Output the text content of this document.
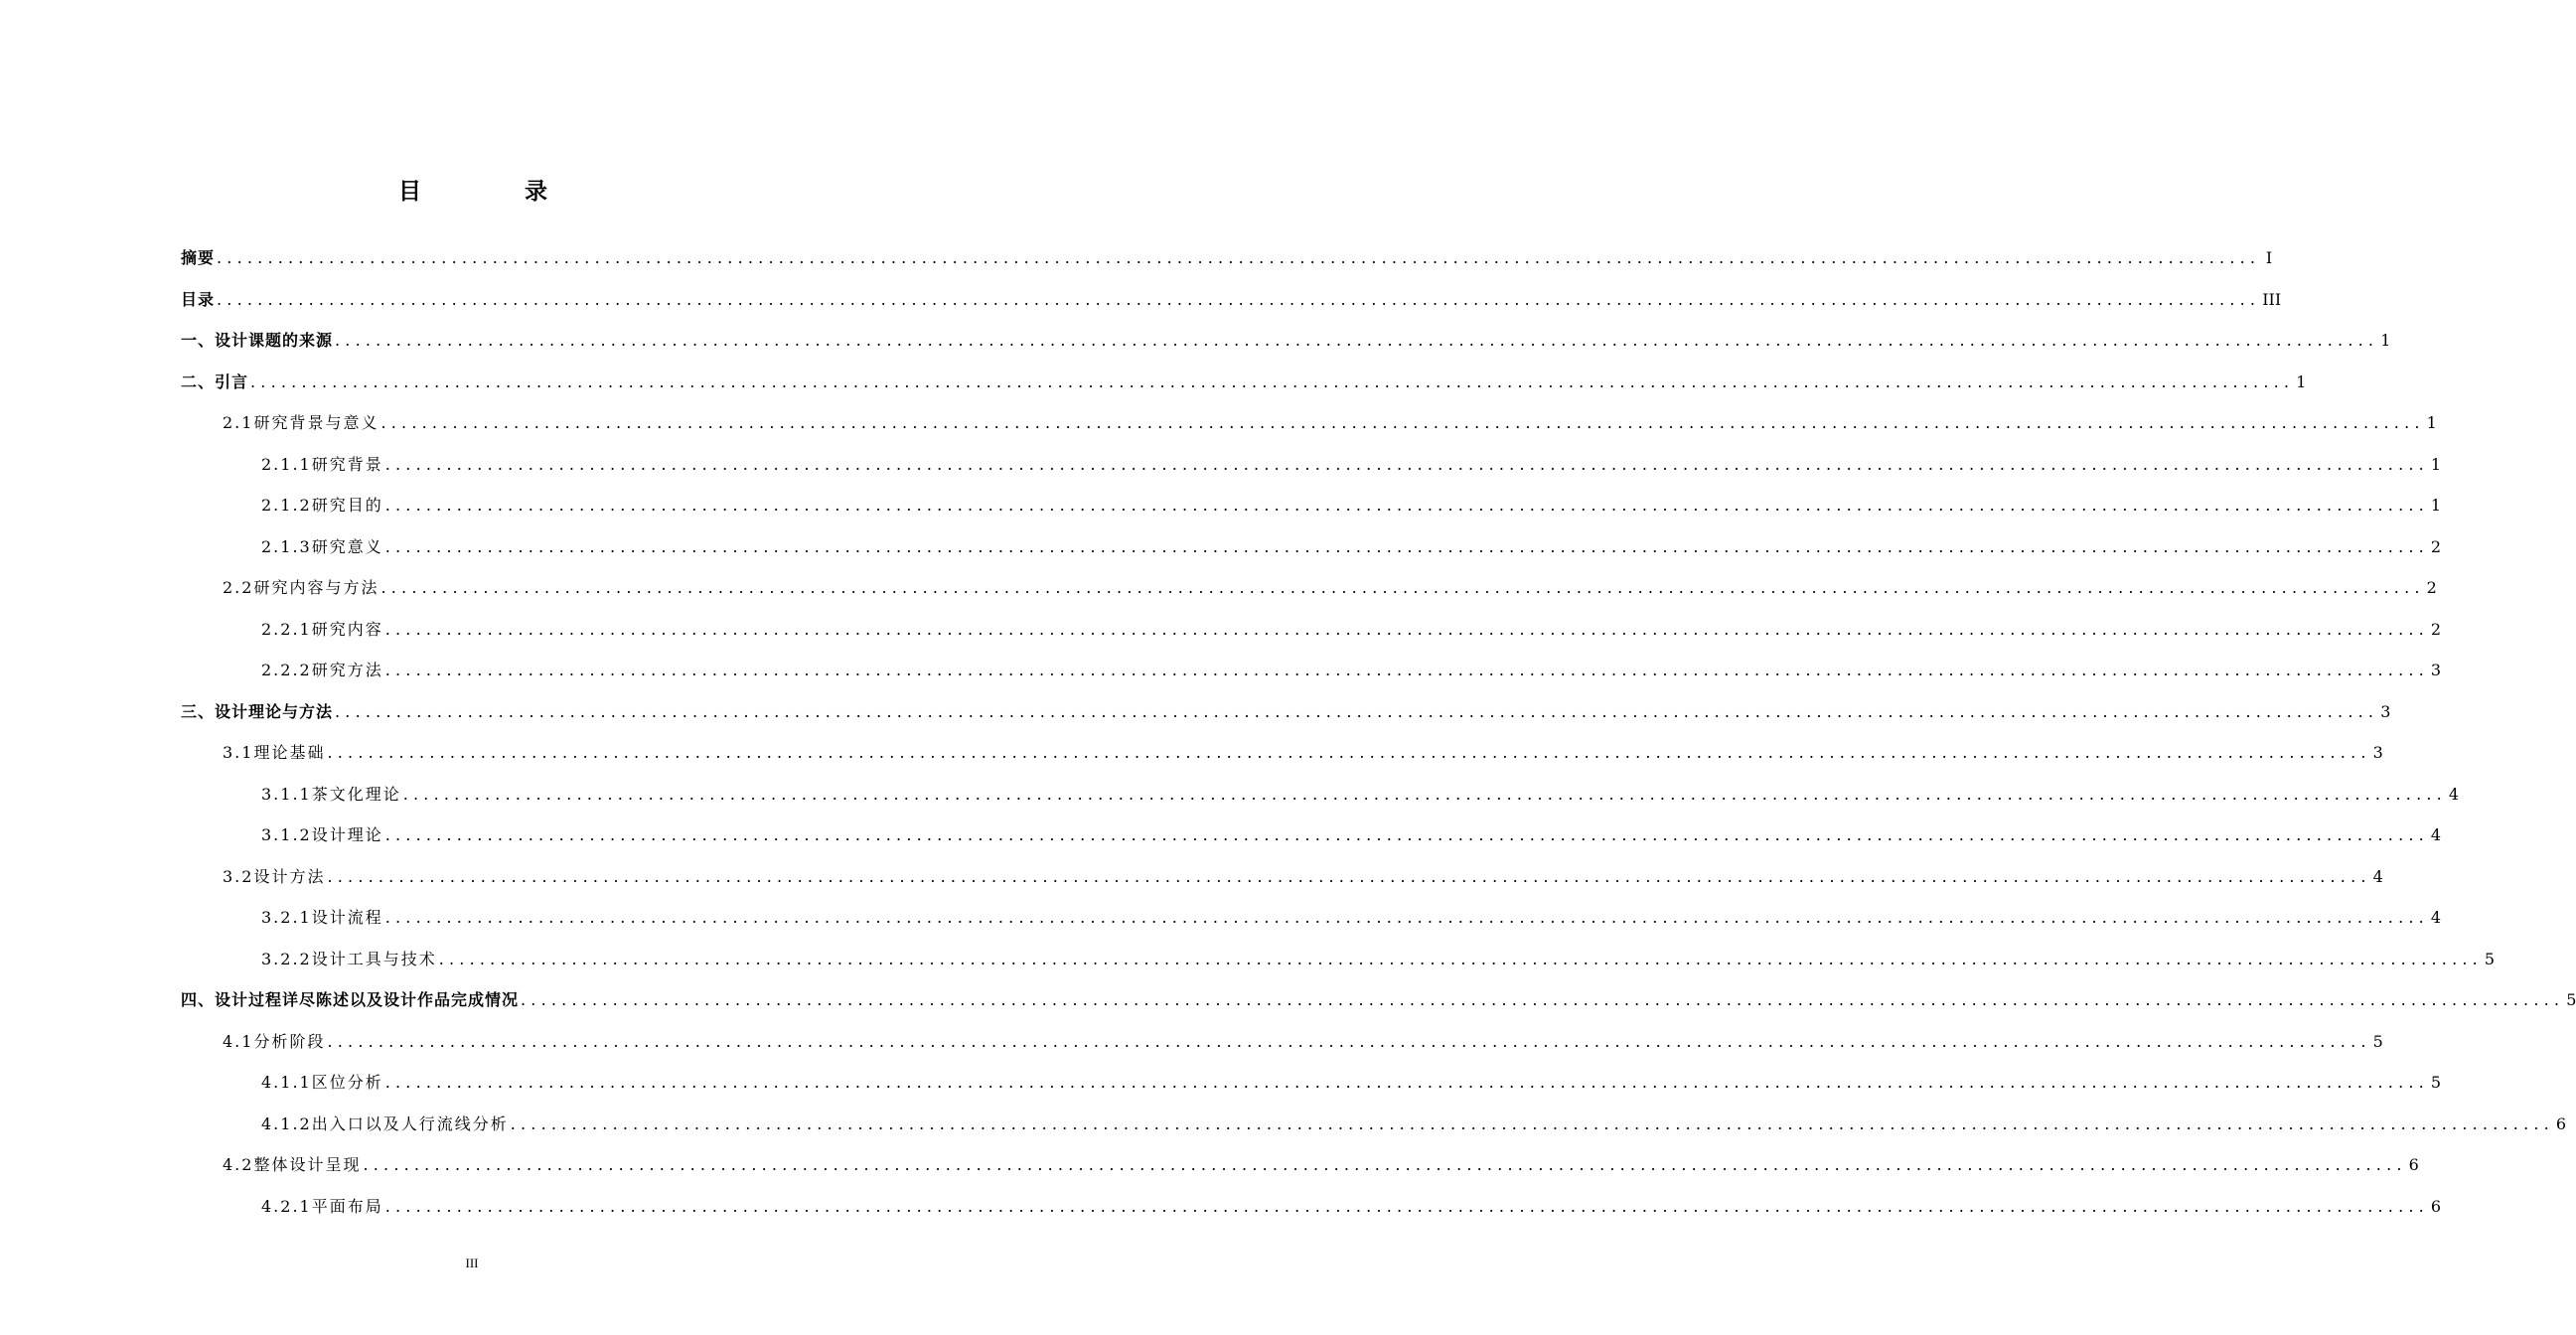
目 录
摘要 ........................................................................................................................................................................................................ I
目录 ........................................................................................................................................................................................................ III
一、设计课题的来源 ........................................................................................................................................................................................................ 1
二、引言 ........................................................................................................................................................................................................ 1
2.1 研究背景与意义 ........................................................................................................................................................................................................ 1
2.1.1 研究背景 ........................................................................................................................................................................................................ 1
2.1.2 研究目的 ........................................................................................................................................................................................................ 1
2.1.3 研究意义 ........................................................................................................................................................................................................ 2
2.2 研究内容与方法 ........................................................................................................................................................................................................ 2
2.2.1 研究内容 ........................................................................................................................................................................................................ 2
2.2.2 研究方法 ........................................................................................................................................................................................................ 3
三、设计理论与方法 ........................................................................................................................................................................................................ 3
3.1 理论基础 ........................................................................................................................................................................................................ 3
3.1.1 茶文化理论 ........................................................................................................................................................................................................ 4
3.1.2 设计理论 ........................................................................................................................................................................................................ 4
3.2 设计方法 ........................................................................................................................................................................................................ 4
3.2.1 设计流程 ........................................................................................................................................................................................................ 4
3.2.2 设计工具与技术 ........................................................................................................................................................................................................ 5
四、设计过程详尽陈述以及设计作品完成情况 ........................................................................................................................................................................................................ 5
4.1 分析阶段 ........................................................................................................................................................................................................ 5
4.1.1 区位分析 ........................................................................................................................................................................................................ 5
4.1.2 出入口以及人行流线分析 ........................................................................................................................................................................................................ 6
4.2 整体设计呈现 ........................................................................................................................................................................................................ 6
4.2.1 平面布局 ........................................................................................................................................................................................................ 6
III
